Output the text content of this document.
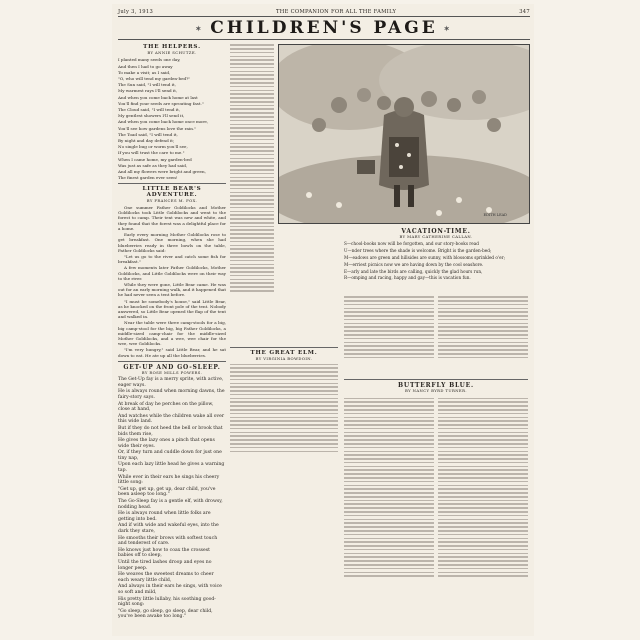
July 3, 1913	THE COMPANION FOR ALL THE FAMILY	347
✶ CHILDREN'S PAGE ✶
THE HELPERS.
BY ANNIE SCHUTZE.

I planted many seeds one day,

And then I had to go away

To make a visit; as I said,

"O, who will tend my garden-bed?"

The Sun said, "I will tend it,

My warmest rays I'll send it,

And when you come back home at last

You'll find your seeds are sprouting fast."

The Cloud said, "I will tend it,

My gentlest showers I'll send it,

And when you come back home once more,

You'll see how gardens love the rain."

The Toad said, "I will tend it,

By night and day defend it;

No single bug or worm you'll see,

If you will trust the care to me."

When I came home, my garden-bed

Was just as safe as they had said,

And all my flowers were bright and green,

The finest garden ever seen!

LITTLE BEAR'S ADVENTURE.
BY FRANCES M. FOX.

One summer Father Goldilocks and Mother Goldilocks took Little Goldilocks and went to the forest to camp. Their tent was new and white, and they found that the forest was a delightful place for a home.

Early every morning Mother Goldilocks rose to get breakfast. One morning, when she had blueberries ready in three bowls on the table, Father Goldilocks said:

"Let us go to the river and catch some fish for breakfast."

A few moments later Father Goldilocks, Mother Goldilocks, and Little Goldilocks were on their way to the river.

While they were gone, Little Bear came. He was out for an early morning walk, and it happened that he had never seen a tent before.

"I must be somebody's house," said Little Bear, as he knocked on the front pole of the tent. Nobody answered, so Little Bear opened the flap of the tent and walked in.

Near the table were three camp-stools for a big, big camp-stool for the big, big Father Goldilocks, a middle-sized camp-chair for the middle-sized Mother Goldilocks, and a wee, wee chair for the wee, wee Goldilocks.

"I'm very hungry," said Little Bear, and he sat down to eat. He ate up all the blueberries.

GET-UP AND GO-SLEEP.
BY ROSE MILLS POWERS.

The Get-Up fay is a merry sprite, with active, eager ways.

He is always round when morning dawns, the fairy-story says.

At break of day he perches on the pillow, close at hand,

And watches while the children wake all over this wide land.

But if they do not heed the bell or brook that bids them rise,

He gives the lazy ones a pinch that opens wide their eyes.

Or, if they turn and cuddle down for just one tiny nap,

Upon each lazy little head he gives a warning tap.

While ever in their ears he sings his cheery little song:

"Get up, get up, get up, dear child, you've been asleep too long."

The Go-Sleep fay is a gentle elf, with drowsy, nodding head.

He is always round when little folks are getting into bed.

And if with wide and wakeful eyes, into the dark they stare,

He smooths their brows with softest touch and tenderest of care.

He knows just how to coax the crossest babies off to sleep,

Until the tired lashes droop and eyes no longer peep.

He weaves the sweetest dreams to cheer each weary little child,

And always in their ears he sings, with voice so soft and mild,

His pretty little lullaby, his soothing good-night song:

"Go sleep, go sleep, go sleep, dear child, you've been awake too long."

THE GREAT ELM.
BY VIRGINIA BOWDOIN.
EDITH LEAD
VACATION-TIME.
BY MARY CATHERINE CALLAN.

S—chool-books now will be forgotten, and our story-books read

U—nder trees where the shade is welcome. Bright is the garden-bed;

M—eadows are green and hillsides are sunny, with blossoms sprinkled o'er;

M—erriest picnics now we are having down by the cool seashore.

E—arly and late the birds are calling, quickly the glad hours run,

R—omping and racing, happy and gay—this is vacation fun.

BUTTERFLY BLUE.
BY NANCY BYRD TURNER.
